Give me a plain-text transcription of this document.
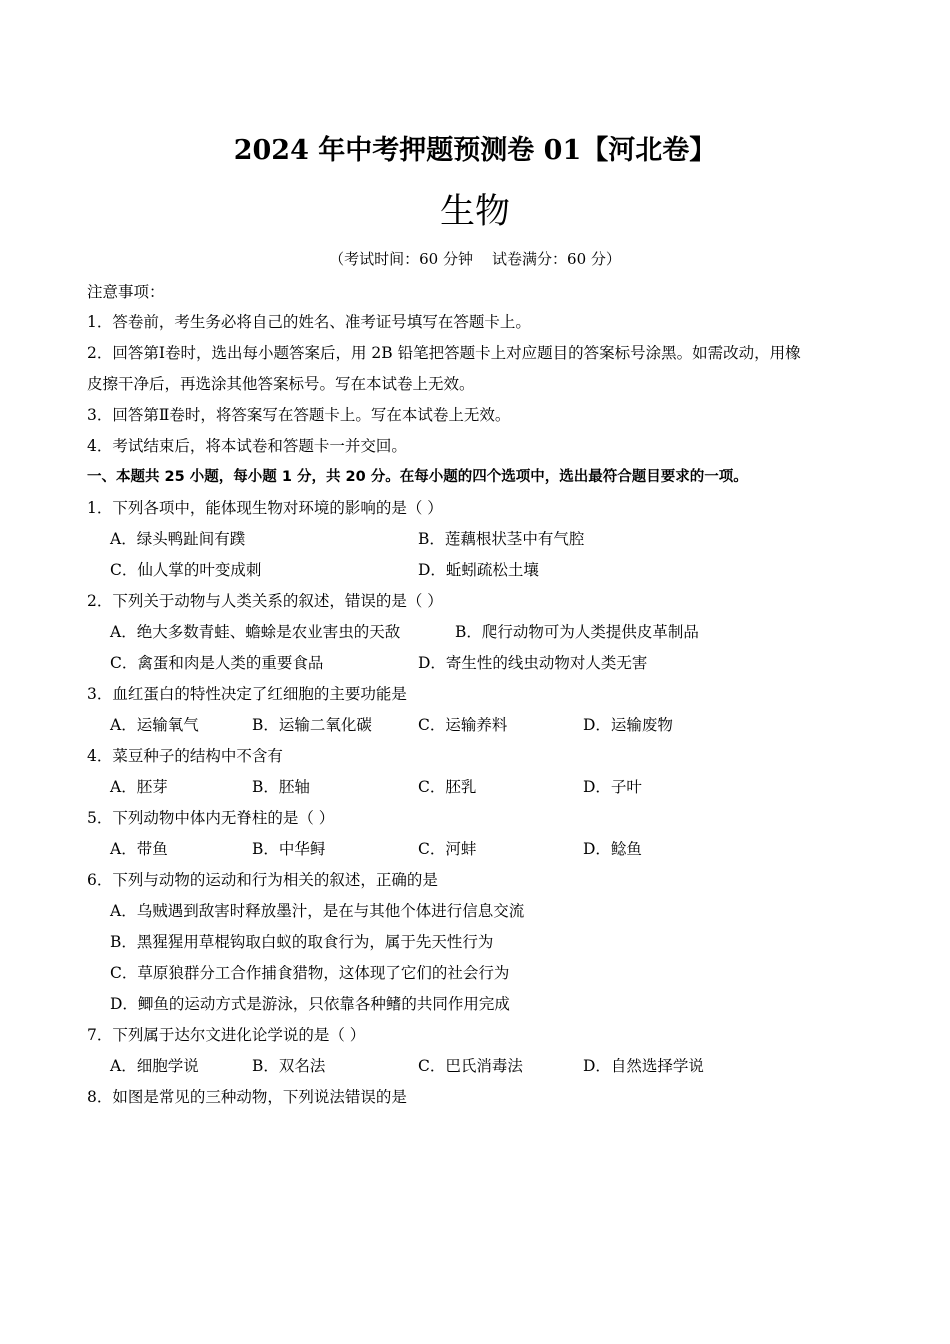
2024 年中考押题预测卷 01【河北卷】
生物
（考试时间：60 分钟    试卷满分：60 分）
注意事项：
1．答卷前，考生务必将自己的姓名、准考证号填写在答题卡上。
2．回答第Ⅰ卷时，选出每小题答案后，用 2B 铅笔把答题卡上对应题目的答案标号涂黑。如需改动，用橡
皮擦干净后，再选涂其他答案标号。写在本试卷上无效。
3．回答第Ⅱ卷时，将答案写在答题卡上。写在本试卷上无效。
4．考试结束后，将本试卷和答题卡一并交回。
一、本题共 25 小题，每小题 1 分，共 20 分。在每小题的四个选项中，选出最符合题目要求的一项。
1．下列各项中，能体现生物对环境的影响的是（ ）
A．绿头鸭趾间有蹼	B．莲藕根状茎中有气腔
C．仙人掌的叶变成刺	D．蚯蚓疏松土壤
2．下列关于动物与人类关系的叙述，错误的是（ ）
A．绝大多数青蛙、蟾蜍是农业害虫的天敌	B．爬行动物可为人类提供皮革制品
C．禽蛋和肉是人类的重要食品	D．寄生性的线虫动物对人类无害
3．血红蛋白的特性决定了红细胞的主要功能是
A．运输氧气	B．运输二氧化碳	C．运输养料	D．运输废物
4．菜豆种子的结构中不含有
A．胚芽	B．胚轴	C．胚乳	D．子叶
5．下列动物中体内无脊柱的是（ ）
A．带鱼	B．中华鲟	C．河蚌	D．鲶鱼
6．下列与动物的运动和行为相关的叙述，正确的是
A．乌贼遇到敌害时释放墨汁，是在与其他个体进行信息交流
B．黑猩猩用草棍钩取白蚁的取食行为，属于先天性行为
C．草原狼群分工合作捕食猎物，这体现了它们的社会行为
D．鲫鱼的运动方式是游泳，只依靠各种鳍的共同作用完成
7．下列属于达尔文进化论学说的是（ ）
A．细胞学说	B．双名法	C．巴氏消毒法	D．自然选择学说
8．如图是常见的三种动物，下列说法错误的是
